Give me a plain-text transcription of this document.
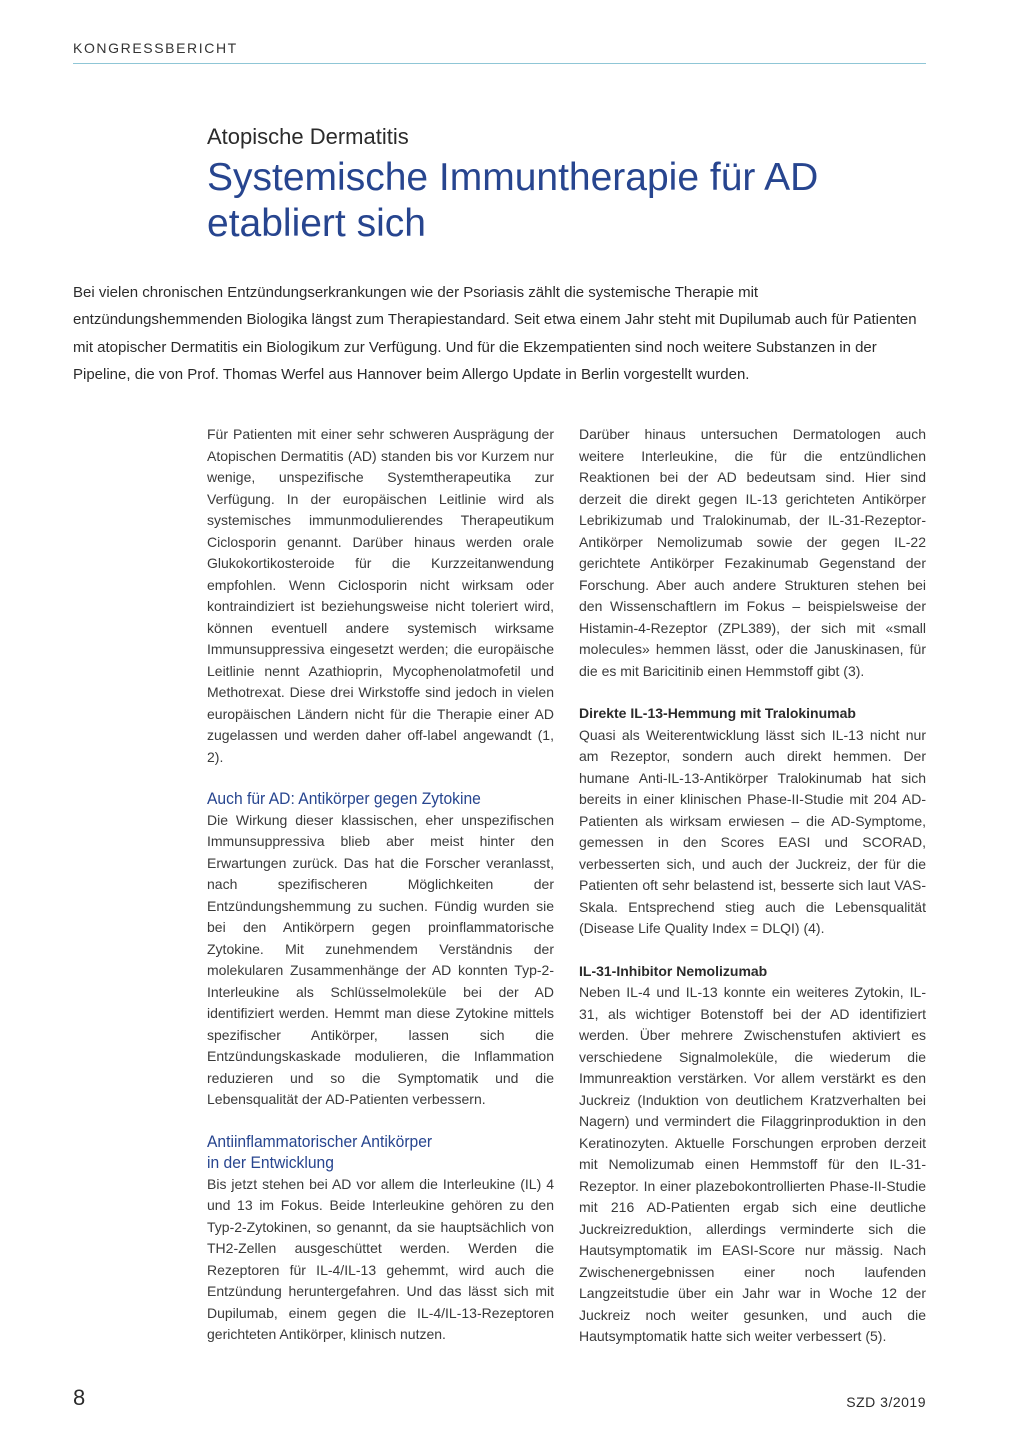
KONGRESSBERICHT
Atopische Dermatitis
Systemische Immuntherapie für AD etabliert sich

Bei vielen chronischen Entzündungserkrankungen wie der Psoriasis zählt die systemische Therapie mit entzündungshemmenden Biologika längst zum Therapiestandard. Seit etwa einem Jahr steht mit Dupilumab auch für Patienten mit atopischer Dermatitis ein Biologikum zur Verfügung. Und für die Ekzempatienten sind noch weitere Substanzen in der Pipeline, die von Prof. Thomas Werfel aus Hannover beim Allergo Update in Berlin vorgestellt wurden.

Für Patienten mit einer sehr schweren Ausprägung der Atopischen Dermatitis (AD) standen bis vor Kurzem nur wenige, unspezifische Systemtherapeutika zur Verfügung. In der europäischen Leitlinie wird als systemisches immunmodulierendes Therapeutikum Ciclosporin genannt. Darüber hinaus werden orale Glukokortikosteroide für die Kurzzeitanwendung empfohlen. Wenn Ciclosporin nicht wirksam oder kontraindiziert ist beziehungsweise nicht toleriert wird, können eventuell andere systemisch wirksame Immunsuppressiva eingesetzt werden; die europäische Leitlinie nennt Azathioprin, Mycophenolatmofetil und Methotrexat. Diese drei Wirkstoffe sind jedoch in vielen europäischen Ländern nicht für die Therapie einer AD zugelassen und werden daher off-label angewandt (1, 2).

Auch für AD: Antikörper gegen Zytokine

Die Wirkung dieser klassischen, eher unspezifischen Immunsuppressiva blieb aber meist hinter den Erwartungen zurück. Das hat die Forscher veranlasst, nach spezifischeren Möglichkeiten der Entzündungshemmung zu suchen. Fündig wurden sie bei den Antikörpern gegen proinflammatorische Zytokine. Mit zunehmendem Verständnis der molekularen Zusammenhänge der AD konnten Typ-2-Interleukine als Schlüsselmoleküle bei der AD identifiziert werden. Hemmt man diese Zytokine mittels spezifischer Antikörper, lassen sich die Entzündungskaskade modulieren, die Inflammation reduzieren und so die Symptomatik und die Lebensqualität der AD-Patienten verbessern.

Antiinflammatorischer Antikörper in der Entwicklung

Bis jetzt stehen bei AD vor allem die Interleukine (IL) 4 und 13 im Fokus. Beide Interleukine gehören zu den Typ-2-Zytokinen, so genannt, da sie hauptsächlich von TH2-Zellen ausgeschüttet werden. Werden die Rezeptoren für IL-4/IL-13 gehemmt, wird auch die Entzündung heruntergefahren. Und das lässt sich mit Dupilumab, einem gegen die IL-4/IL-13-Rezeptoren gerichteten Antikörper, klinisch nutzen.

Darüber hinaus untersuchen Dermatologen auch weitere Interleukine, die für die entzündlichen Reaktionen bei der AD bedeutsam sind. Hier sind derzeit die direkt gegen IL-13 gerichteten Antikörper Lebrikizumab und Tralokinumab, der IL-31-Rezeptor-Antikörper Nemolizumab sowie der gegen IL-22 gerichtete Antikörper Fezakinumab Gegenstand der Forschung. Aber auch andere Strukturen stehen bei den Wissenschaftlern im Fokus – beispielsweise der Histamin-4-Rezeptor (ZPL389), der sich mit «small molecules» hemmen lässt, oder die Januskinasen, für die es mit Baricitinib einen Hemmstoff gibt (3).

Direkte IL-13-Hemmung mit Tralokinumab

Quasi als Weiterentwicklung lässt sich IL-13 nicht nur am Rezeptor, sondern auch direkt hemmen. Der humane Anti-IL-13-Antikörper Tralokinumab hat sich bereits in einer klinischen Phase-II-Studie mit 204 AD-Patienten als wirksam erwiesen – die AD-Symptome, gemessen in den Scores EASI und SCORAD, verbesserten sich, und auch der Juckreiz, der für die Patienten oft sehr belastend ist, besserte sich laut VAS-Skala. Entsprechend stieg auch die Lebensqualität (Disease Life Quality Index = DLQI) (4).

IL-31-Inhibitor Nemolizumab

Neben IL-4 und IL-13 konnte ein weiteres Zytokin, IL-31, als wichtiger Botenstoff bei der AD identifiziert werden. Über mehrere Zwischenstufen aktiviert es verschiedene Signalmoleküle, die wiederum die Immunreaktion verstärken. Vor allem verstärkt es den Juckreiz (Induktion von deutlichem Kratzverhalten bei Nagern) und vermindert die Filaggrinproduktion in den Keratinozyten. Aktuelle Forschungen erproben derzeit mit Nemolizumab einen Hemmstoff für den IL-31-Rezeptor. In einer plazebokontrollierten Phase-II-Studie mit 216 AD-Patienten ergab sich eine deutliche Juckreizreduktion, allerdings verminderte sich die Hautsymptomatik im EASI-Score nur mässig. Nach Zwischenergebnissen einer noch laufenden Langzeitstudie über ein Jahr war in Woche 12 der Juckreiz noch weiter gesunken, und auch die Hautsymptomatik hatte sich weiter verbessert (5).

8	SZD 3/2019
